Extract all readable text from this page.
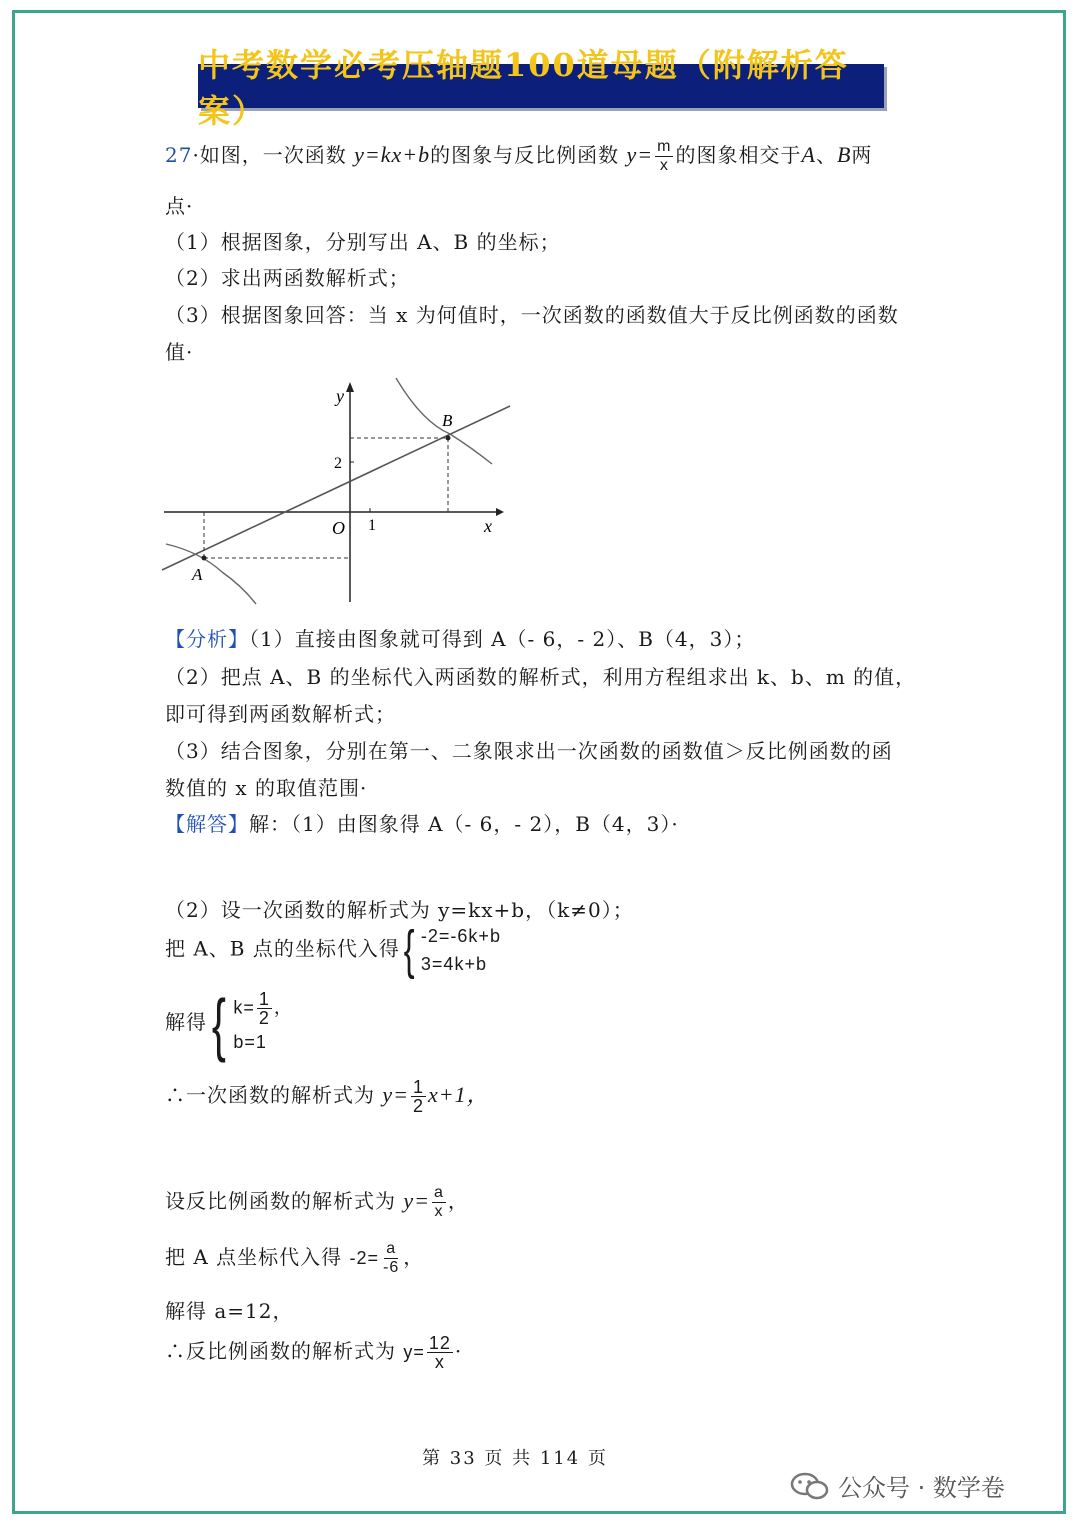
中考数学必考压轴题100道母题（附解析答案）
27·如图，一次函数 y=kx+b的图象与反比例函数 $y= \frac{m}{x}$ 的图象相交于A、B两
点·
（1）根据图象，分别写出 A、B 的坐标；
（2）求出两函数解析式；
（3）根据图象回答：当 x 为何值时，一次函数的函数值大于反比例函数的函数
值·
y
x
O 1
2
B
A
【分析】（1）直接由图象就可得到 A（- 6，- 2）、B（4，3）；
（2）把点 A、B 的坐标代入两函数的解析式，利用方程组求出 k、b、m 的值，
即可得到两函数解析式；
（3）结合图象，分别在第一、二象限求出一次函数的函数值＞反比例函数的函
数值的 x 的取值范围·
【解答】解：（1）由图象得 A（- 6，- 2），B（4，3）·
（2）设一次函数的解析式为 y=kx+b，（k≠0）；
把 A、B 点的坐标代入得 { -2=-6k+b
3=4k+b
解得 { $k= \frac{1}{2}$ ，
b=1
∴一次函数的解析式为 $y= \frac{1}{2} x+1$，
设反比例函数的解析式为 $y= \frac{a}{x}$ ，
把 A 点坐标代入得 $-2= \frac{a}{-6}$ ，
解得 a=12，
∴反比例函数的解析式为 $y= \frac{12}{x}$ ·
第 33 页 共 114 页
公众号 · 数学卷
